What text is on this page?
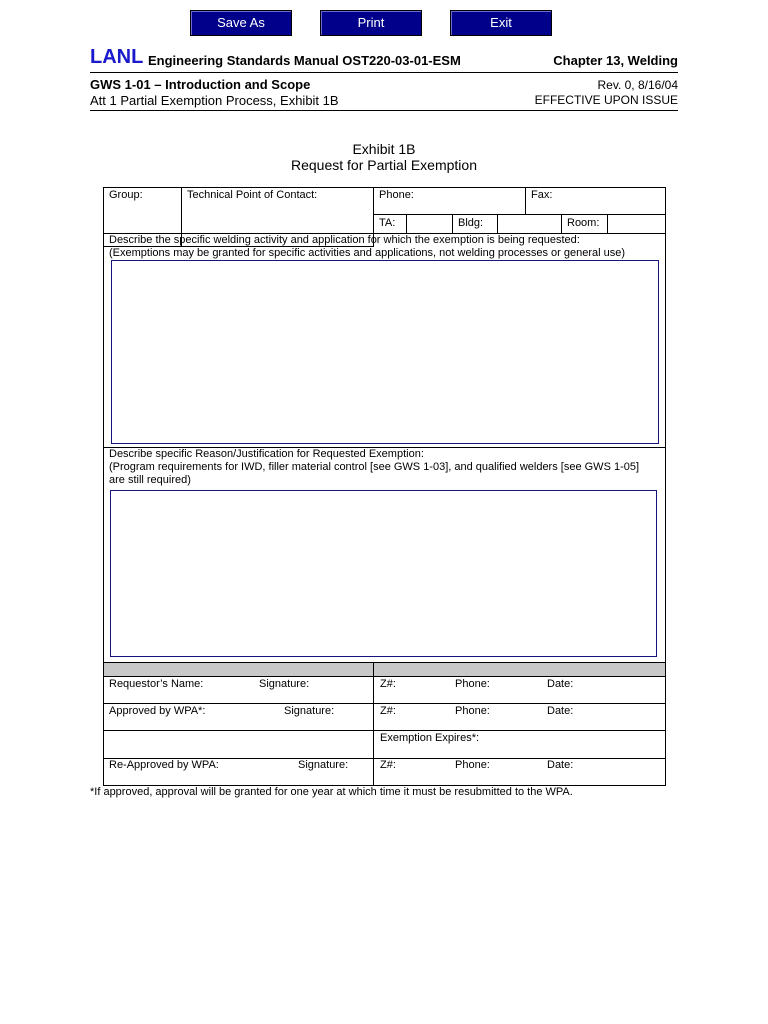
Save As	Print	Exit
LANL Engineering Standards Manual OST220-03-01-ESM	Chapter 13, Welding
GWS 1-01 – Introduction and Scope	Rev. 0, 8/16/04
Att 1 Partial Exemption Process, Exhibit 1B	EFFECTIVE UPON ISSUE
Exhibit 1B
Request for Partial Exemption
Group:	Technical Point of Contact:	Phone:	Fax:
TA:	Bldg:	Room:
Describe the specific welding activity and application for which the exemption is being requested:
(Exemptions may be granted for specific activities and applications, not welding processes or general use)
Describe specific Reason/Justification for Requested Exemption:
(Program requirements for IWD, filler material control [see GWS 1-03], and qualified welders [see GWS 1-05]
are still required)
Requestor’s Name:	Signature:	Z#:	Phone:	Date:
Approved by WPA*:	Signature:	Z#:	Phone:	Date:
Exemption Expires*:
Re-Approved by WPA:	Signature:	Z#:	Phone:	Date:
*If approved, approval will be granted for one year at which time it must be resubmitted to the WPA.
